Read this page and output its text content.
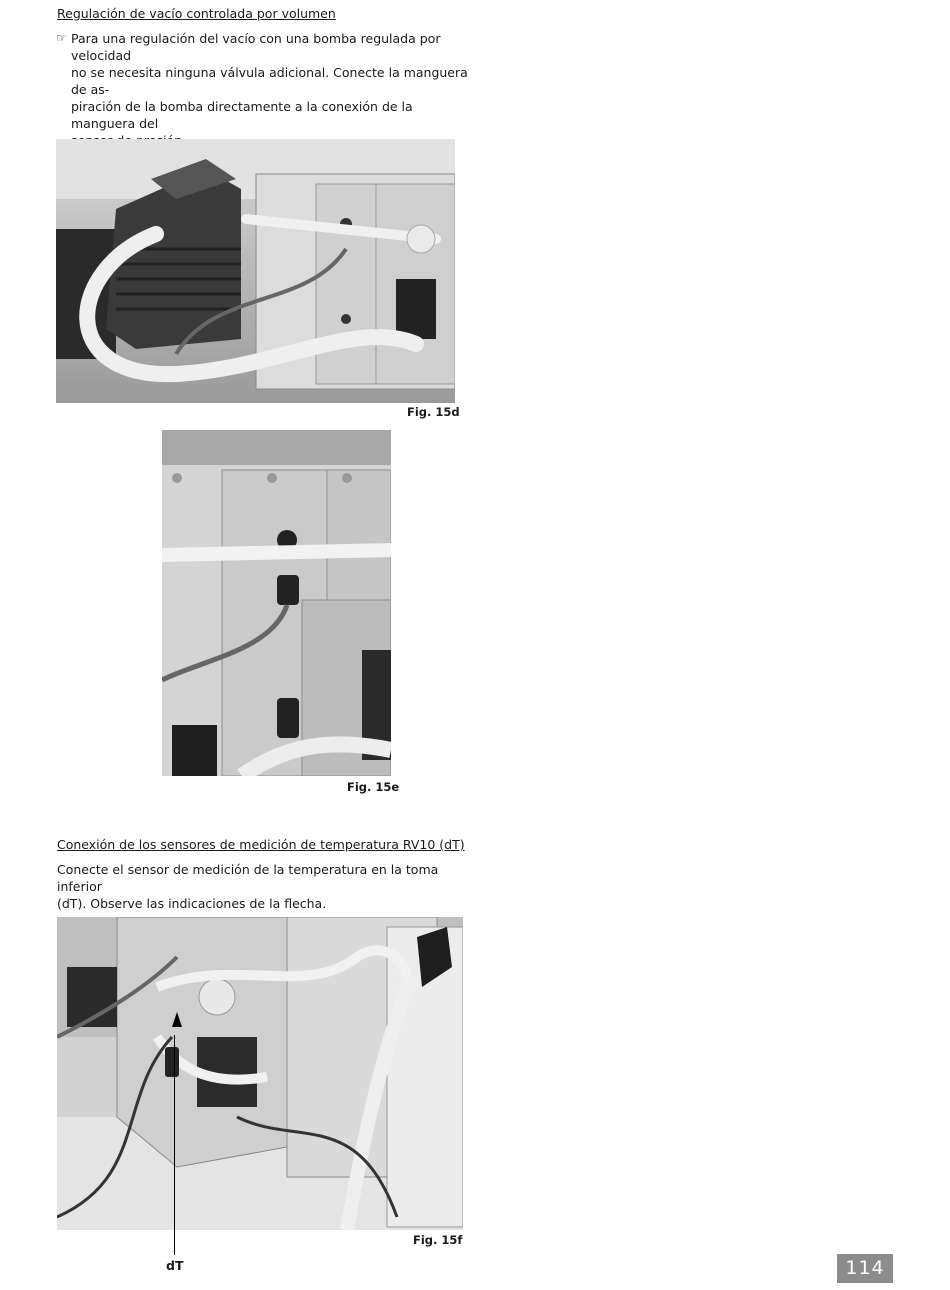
Regulación de vacío controlada por volumen
☞ Para una regulación del vacío con una bomba regulada por velocidad
no se necesita ninguna válvula adicional. Conecte la manguera de as-
piración de la bomba directamente a la conexión de la manguera del

Fig. 15d
Fig. 15e
Conexión de los sensores de medición de temperatura RV10 (dT)

Conecte el sensor de medición de la temperatura en la toma inferior
(dT). Observe las indicaciones de la flecha.

Fig. 15f
dT	114
